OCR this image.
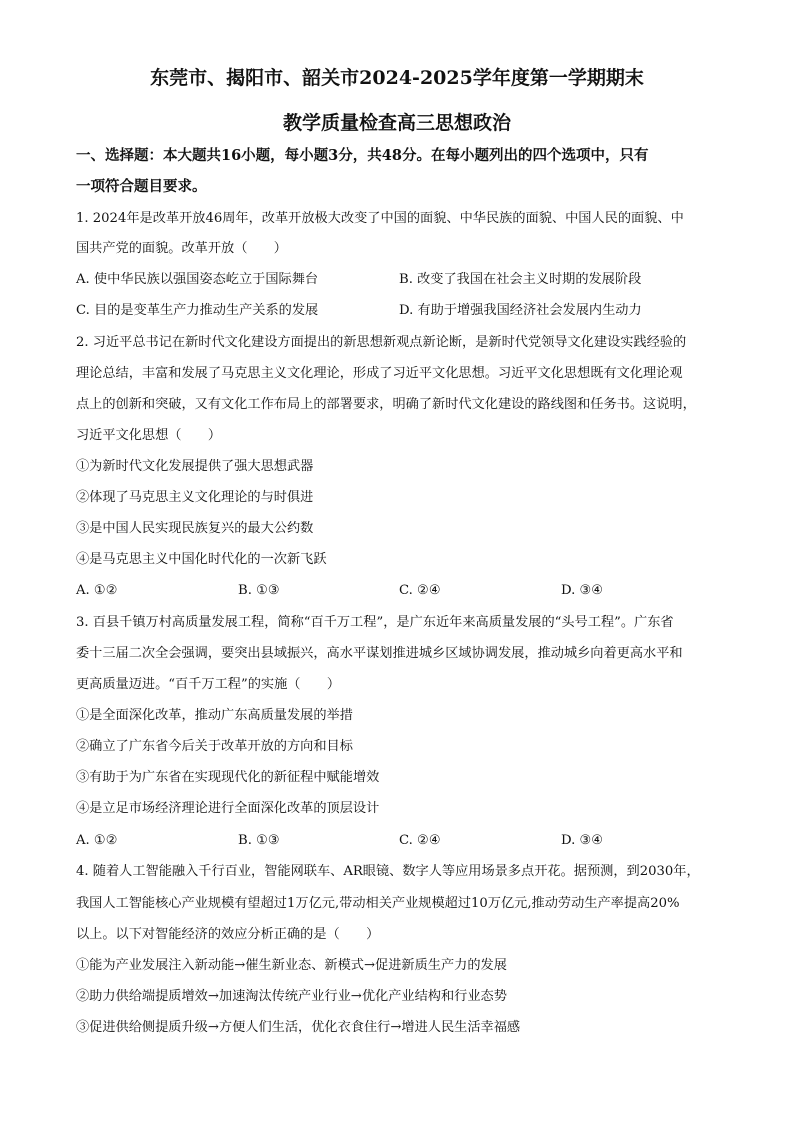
东莞市、揭阳市、韶关市2024-2025学年度第一学期期末
教学质量检查高三思想政治
一、选择题：本大题共16小题，每小题3分，共48分。在每小题列出的四个选项中，只有
一项符合题目要求。
1. 2024年是改革开放46周年，改革开放极大改变了中国的面貌、中华民族的面貌、中国人民的面貌、中
国共产党的面貌。改革开放（　　）
A. 使中华民族以强国姿态屹立于国际舞台	B. 改变了我国在社会主义时期的发展阶段
C. 目的是变革生产力推动生产关系的发展	D. 有助于增强我国经济社会发展内生动力
2. 习近平总书记在新时代文化建设方面提出的新思想新观点新论断，是新时代党领导文化建设实践经验的
理论总结，丰富和发展了马克思主义文化理论，形成了习近平文化思想。习近平文化思想既有文化理论观
点上的创新和突破，又有文化工作布局上的部署要求，明确了新时代文化建设的路线图和任务书。这说明，
习近平文化思想（　　）
①为新时代文化发展提供了强大思想武器
②体现了马克思主义文化理论的与时俱进
③是中国人民实现民族复兴的最大公约数
④是马克思主义中国化时代化的一次新飞跃
A. ①②	B. ①③	C. ②④	D. ③④
3. 百县千镇万村高质量发展工程，简称“百千万工程”，是广东近年来高质量发展的“头号工程”。广东省
委十三届二次全会强调，要突出县域振兴，高水平谋划推进城乡区域协调发展，推动城乡向着更高水平和
更高质量迈进。“百千万工程”的实施（　　）
①是全面深化改革，推动广东高质量发展的举措
②确立了广东省今后关于改革开放的方向和目标
③有助于为广东省在实现现代化的新征程中赋能增效
④是立足市场经济理论进行全面深化改革的顶层设计
A. ①②	B. ①③	C. ②④	D. ③④
4. 随着人工智能融入千行百业，智能网联车、AR眼镜、数字人等应用场景多点开花。据预测，到2030年，
我国人工智能核心产业规模有望超过1万亿元,带动相关产业规模超过10万亿元,推动劳动生产率提高20%
以上。以下对智能经济的效应分析正确的是（　　）
①能为产业发展注入新动能→催生新业态、新模式→促进新质生产力的发展
②助力供给端提质增效→加速淘汰传统产业行业→优化产业结构和行业态势
③促进供给侧提质升级→方便人们生活，优化衣食住行→增进人民生活幸福感
